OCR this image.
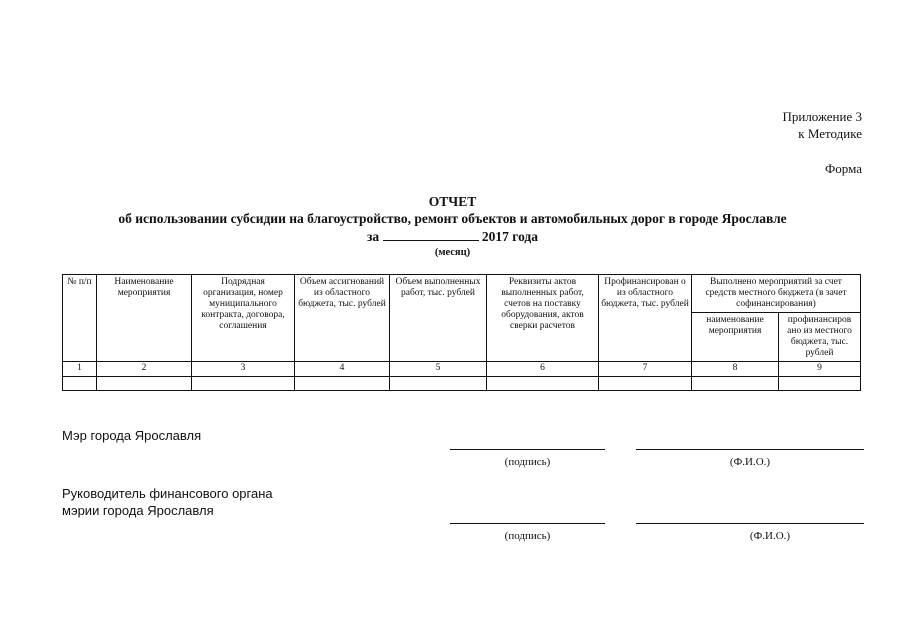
Приложение 3
к Методике
Форма
ОТЧЕТ
об использовании субсидии на благоустройство, ремонт объектов и автомобильных дорог в городе Ярославле
за	2017 года
(месяц)
№ п/п	Наименование мероприятия	Подрядная организация, номер муниципального контракта, договора, соглашения	Объем ассигнований из областного бюджета, тыс. рублей	Объем выполненных работ, тыс. рублей	Реквизиты актов выполненных работ, счетов на поставку оборудования, актов сверки расчетов	Профинансирован о из областного бюджета, тыс. рублей	Выполнено мероприятий за счет средств местного бюджета (в зачет софинансирования)	
							наименование мероприятия	профинансиров ано из местного бюджета, тыс. рублей
1	2	3	4	5	6	7	8	9

Мэр города Ярославля
(подпись)	(Ф.И.О.)
Руководитель финансового органа
мэрии города Ярославля
(подпись)	(Ф.И.О.)
